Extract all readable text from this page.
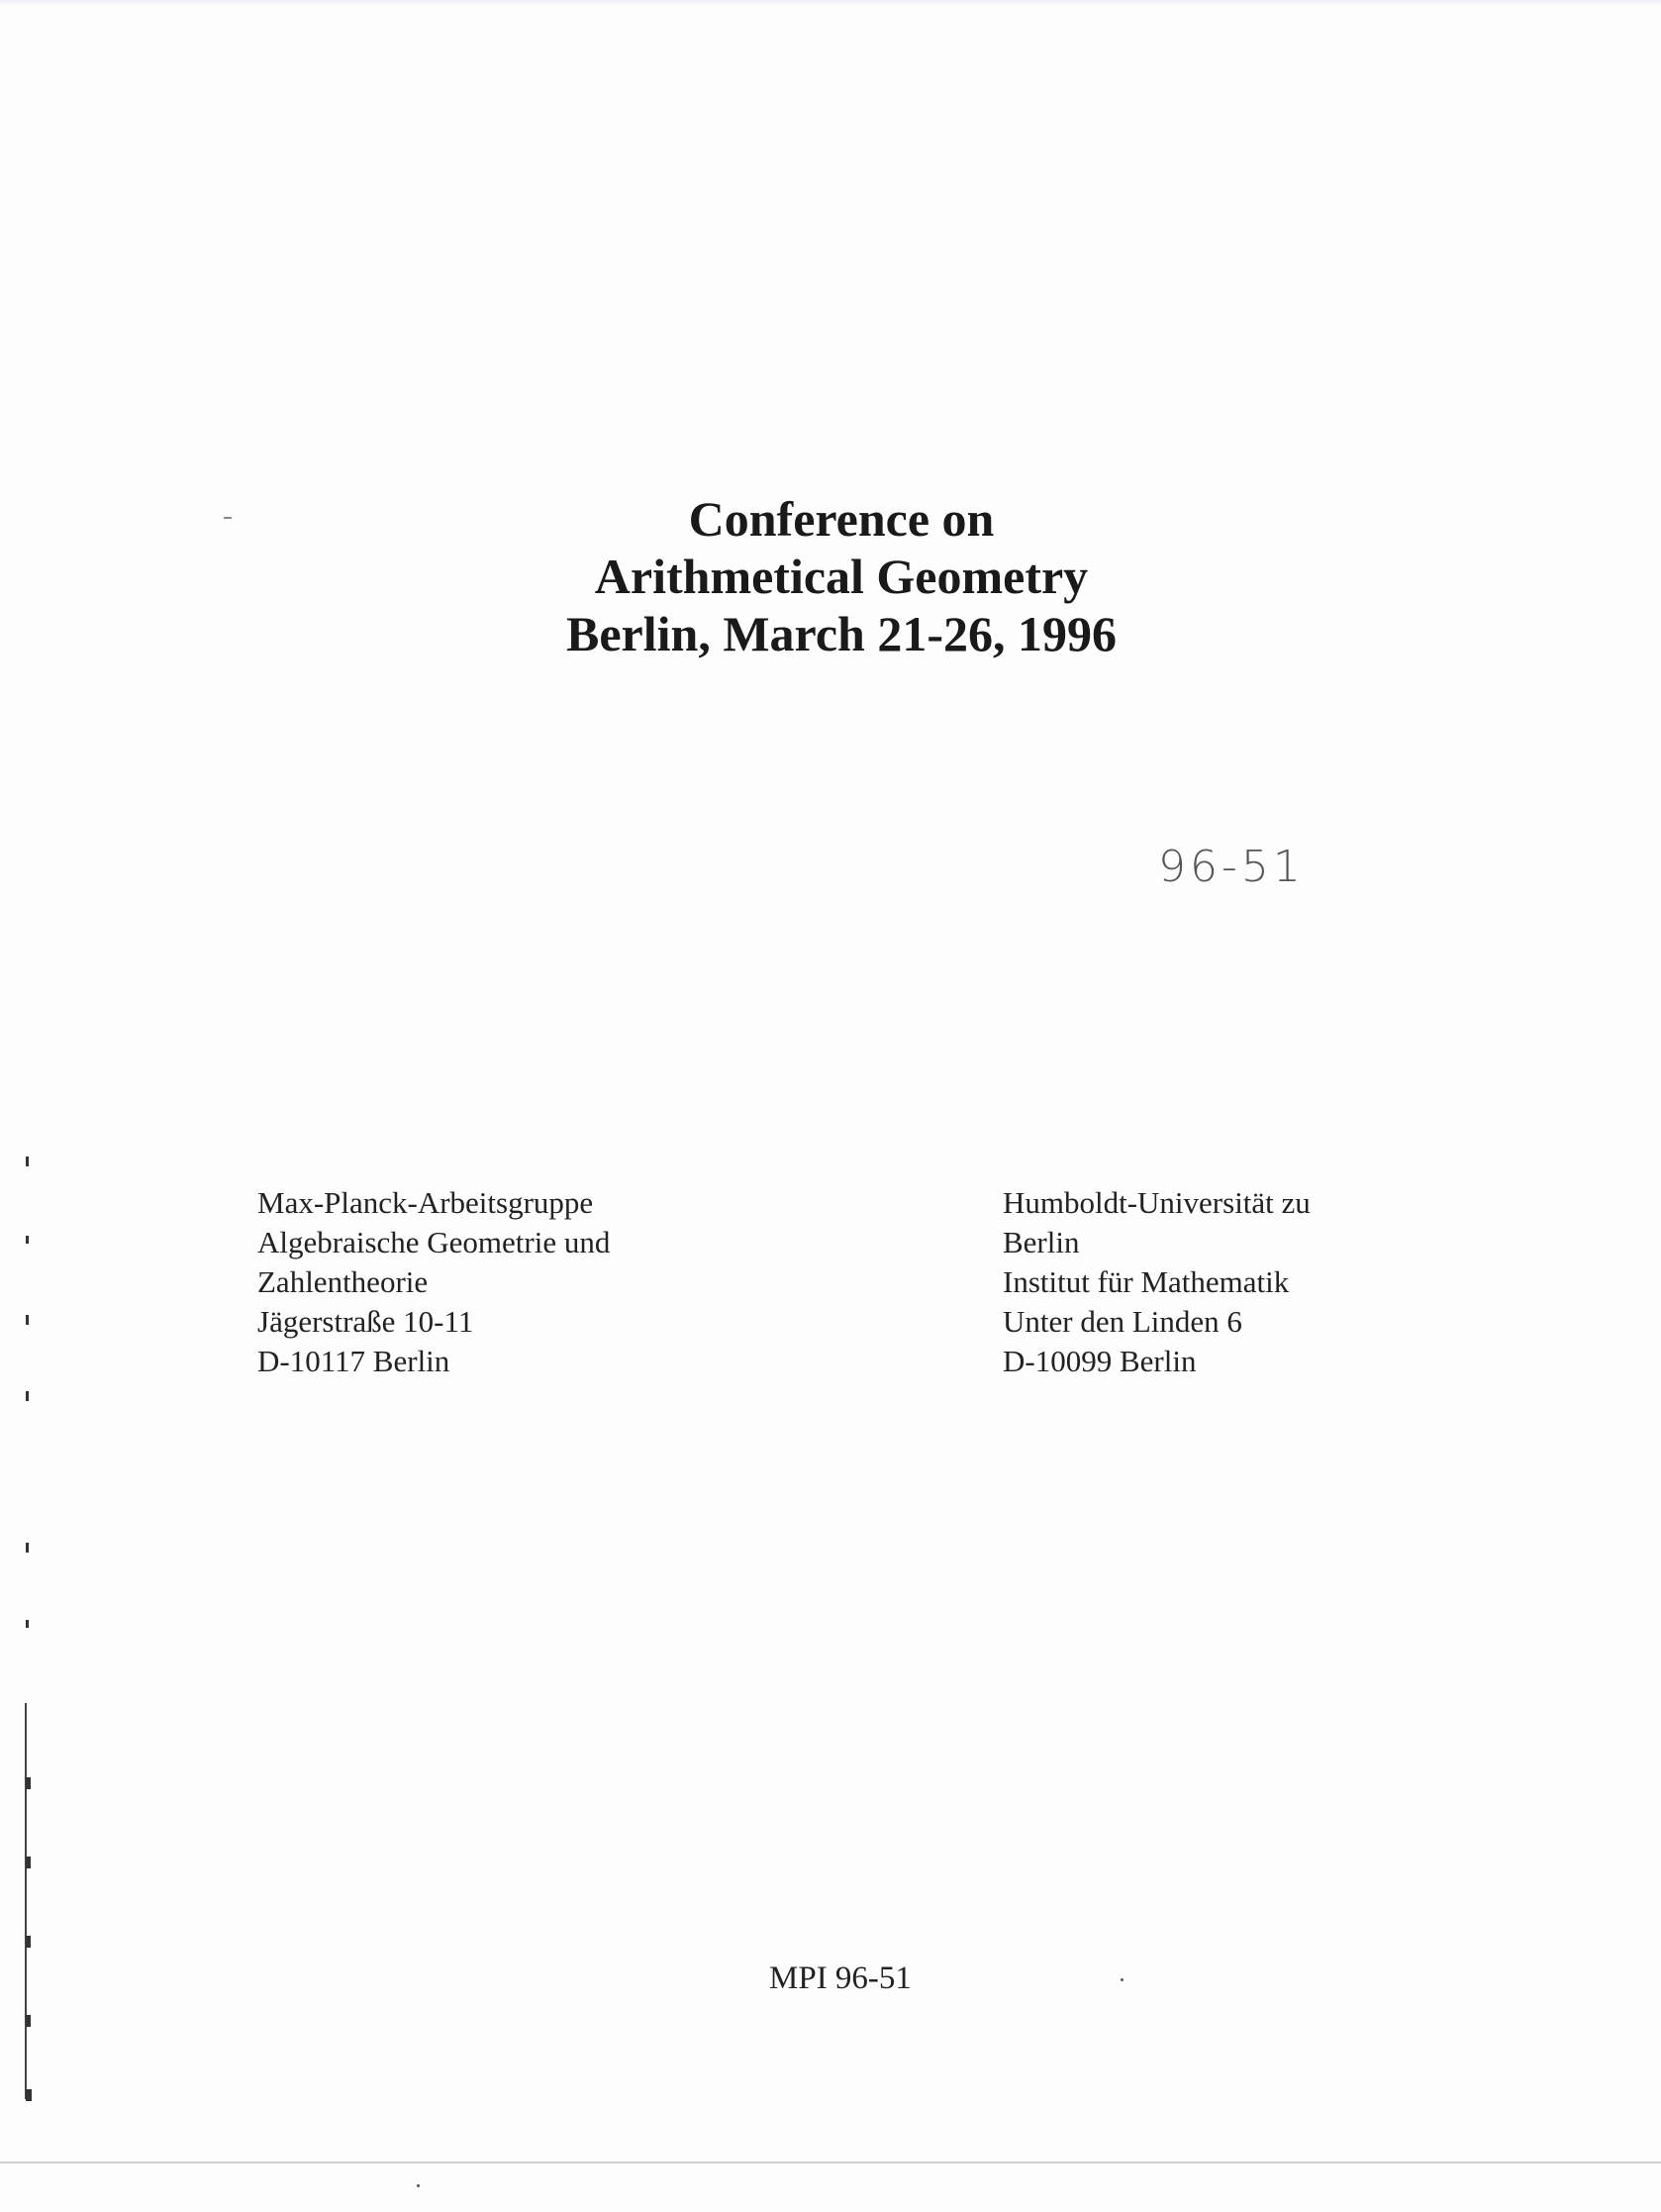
Conference on
Arithmetical Geometry
Berlin, March 21-26, 1996
96-51
Max-Planck-Arbeitsgruppe
Algebraische Geometrie und
Zahlentheorie
Jägerstraße 10-11
D-10117 Berlin
Humboldt-Universität zu
Berlin
Institut für Mathematik
Unter den Linden 6
D-10099 Berlin
MPI 96-51
